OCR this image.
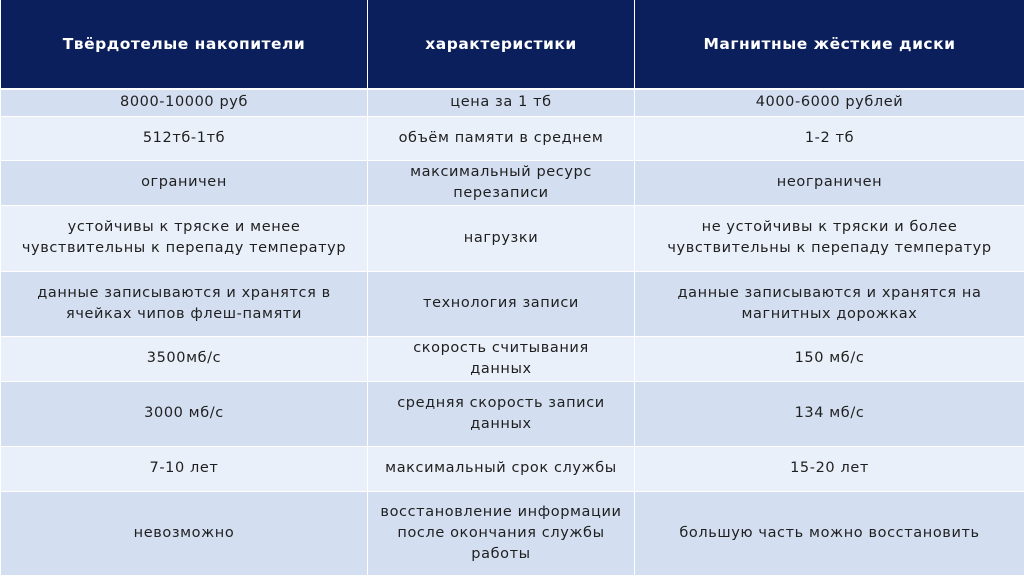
Твёрдотелые накопители	характеристики	Магнитные жёсткие диски
8000-10000 руб	цена за 1 тб	4000-6000 рублей
512тб-1тб	объём памяти в среднем	1-2 тб
ограничен	максимальный ресурс перезаписи	неограничен
устойчивы к тряске и менее чувствительны к перепаду температур	нагрузки	не устойчивы к тряски и более чувствительны к перепаду температур
данные записываются и хранятся в ячейках чипов флеш-памяти	технология записи	данные записываются и хранятся на магнитных дорожках
3500мб/с	скорость считывания данных	150 мб/с
3000 мб/с	средняя скорость записи данных	134 мб/с
7-10 лет	максимальный срок службы	15-20 лет
невозможно	восстановление информации после окончания службы работы	большую часть можно восстановить
